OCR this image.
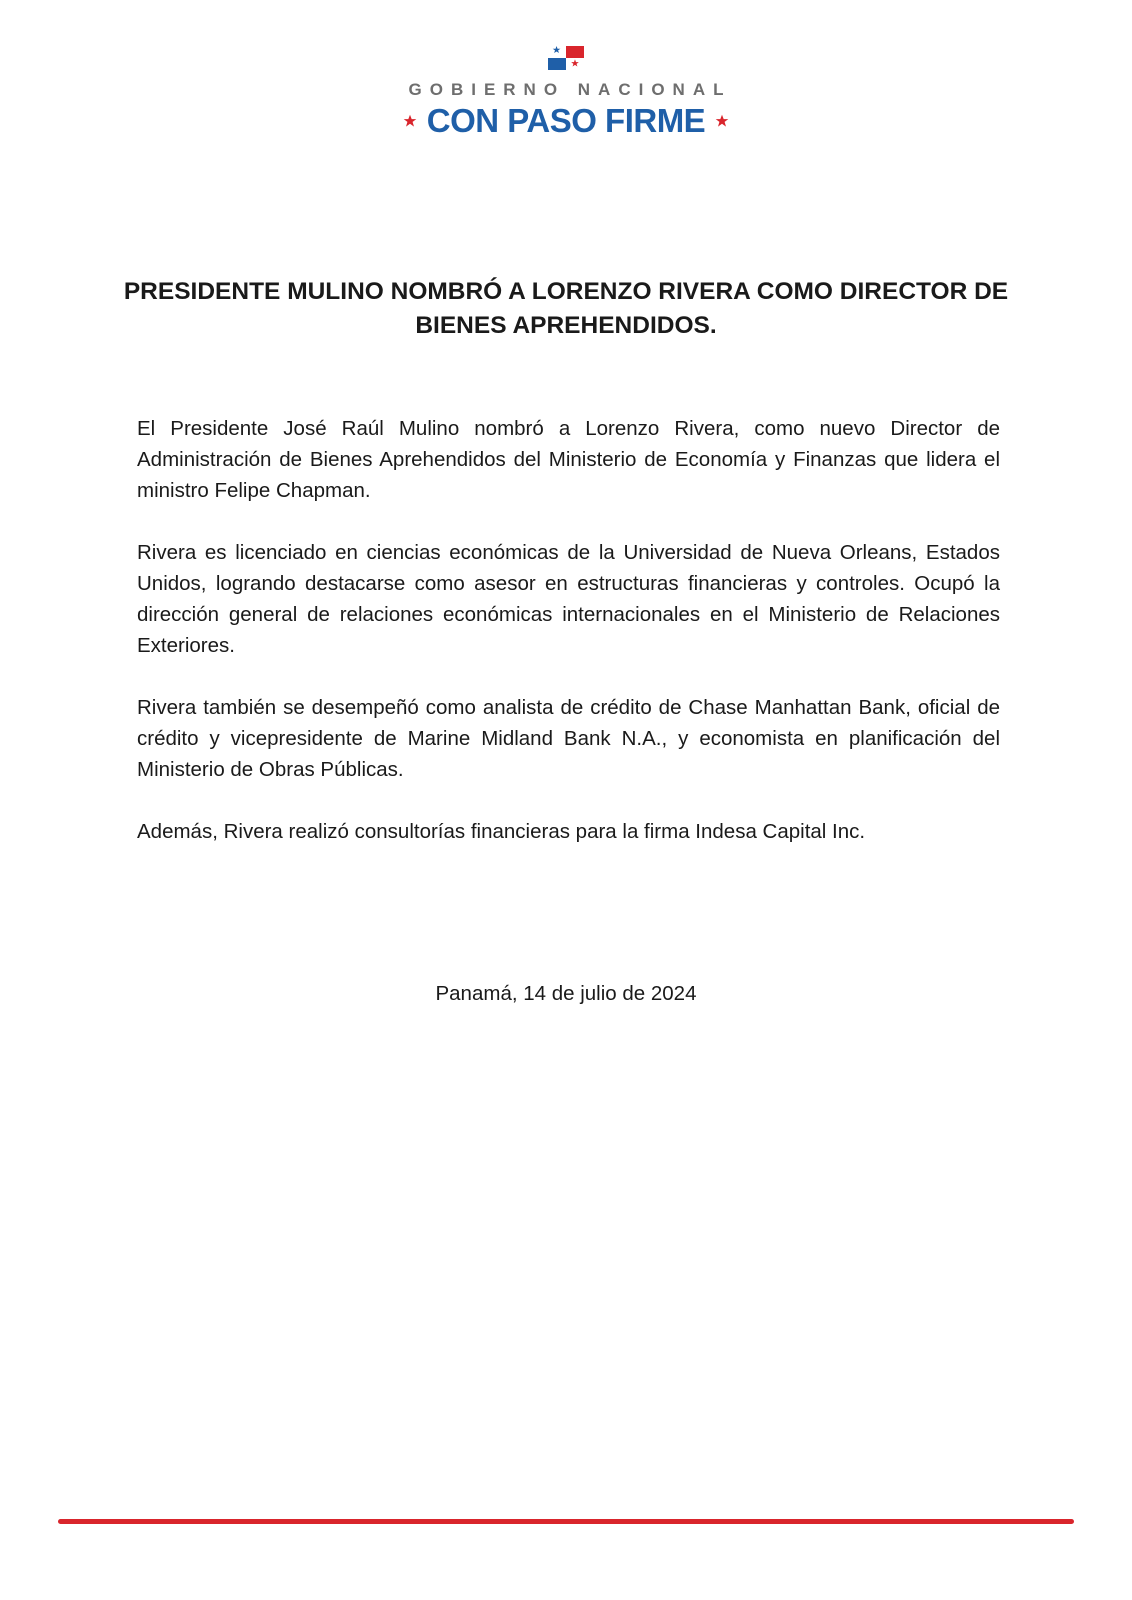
GOBIERNO NACIONAL
CON PASO FIRME
PRESIDENTE MULINO NOMBRÓ A LORENZO RIVERA COMO DIRECTOR DE BIENES APREHENDIDOS.

El Presidente José Raúl Mulino nombró a Lorenzo Rivera, como nuevo Director de Administración de Bienes Aprehendidos del Ministerio de Economía y Finanzas que lidera el ministro Felipe Chapman.

Rivera es licenciado en ciencias económicas de la Universidad de Nueva Orleans, Estados Unidos, logrando destacarse como asesor en estructuras financieras y controles. Ocupó la dirección general de relaciones económicas internacionales en el Ministerio de Relaciones Exteriores.

Rivera también se desempeñó como analista de crédito de Chase Manhattan Bank, oficial de crédito y vicepresidente de Marine Midland Bank N.A., y economista en planificación del Ministerio de Obras Públicas.

Además, Rivera realizó consultorías financieras para la firma Indesa Capital Inc.

Panamá, 14 de julio de 2024
